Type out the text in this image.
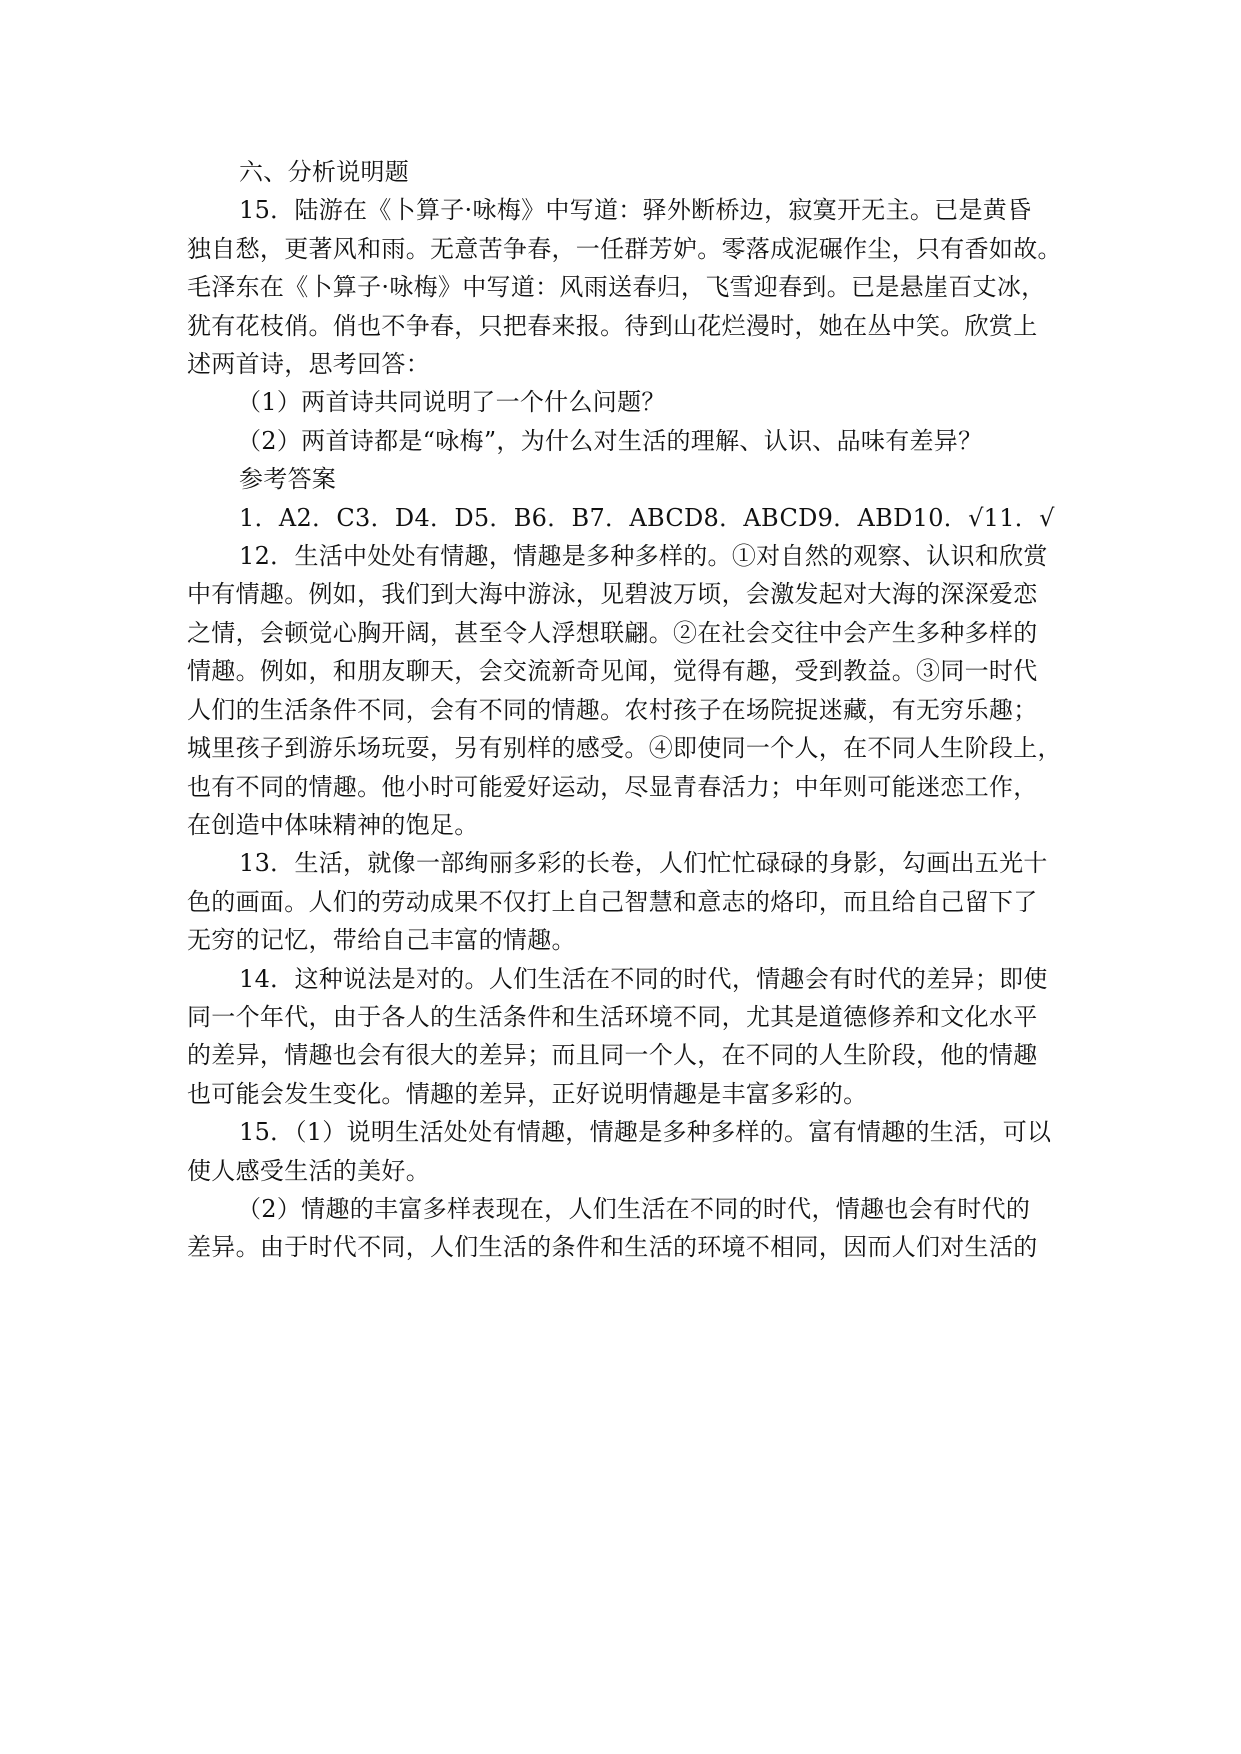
六、分析说明题
15．陆游在《卜算子·咏梅》中写道：驿外断桥边，寂寞开无主。已是黄昏
独自愁，更著风和雨。无意苦争春，一任群芳妒。零落成泥碾作尘，只有香如故。
毛泽东在《卜算子·咏梅》中写道：风雨送春归，飞雪迎春到。已是悬崖百丈冰，
犹有花枝俏。俏也不争春，只把春来报。待到山花烂漫时，她在丛中笑。欣赏上
述两首诗，思考回答：
（1）两首诗共同说明了一个什么问题？
（2）两首诗都是“咏梅”，为什么对生活的理解、认识、品味有差异？
参考答案
1．A2．C3．D4．D5．B6．B7．ABCD8．ABCD9．ABD10．√11．√
12．生活中处处有情趣，情趣是多种多样的。①对自然的观察、认识和欣赏
中有情趣。例如，我们到大海中游泳，见碧波万顷，会激发起对大海的深深爱恋
之情，会顿觉心胸开阔，甚至令人浮想联翩。②在社会交往中会产生多种多样的
情趣。例如，和朋友聊天，会交流新奇见闻，觉得有趣，受到教益。③同一时代
人们的生活条件不同，会有不同的情趣。农村孩子在场院捉迷藏，有无穷乐趣；
城里孩子到游乐场玩耍，另有别样的感受。④即使同一个人，在不同人生阶段上，
也有不同的情趣。他小时可能爱好运动，尽显青春活力；中年则可能迷恋工作，
在创造中体味精神的饱足。
13．生活，就像一部绚丽多彩的长卷，人们忙忙碌碌的身影，勾画出五光十
色的画面。人们的劳动成果不仅打上自己智慧和意志的烙印，而且给自己留下了
无穷的记忆，带给自己丰富的情趣。
14．这种说法是对的。人们生活在不同的时代，情趣会有时代的差异；即使
同一个年代，由于各人的生活条件和生活环境不同，尤其是道德修养和文化水平
的差异，情趣也会有很大的差异；而且同一个人，在不同的人生阶段，他的情趣
也可能会发生变化。情趣的差异，正好说明情趣是丰富多彩的。
15．（1）说明生活处处有情趣，情趣是多种多样的。富有情趣的生活，可以
使人感受生活的美好。
（2）情趣的丰富多样表现在，人们生活在不同的时代，情趣也会有时代的
差异。由于时代不同，人们生活的条件和生活的环境不相同，因而人们对生活的
